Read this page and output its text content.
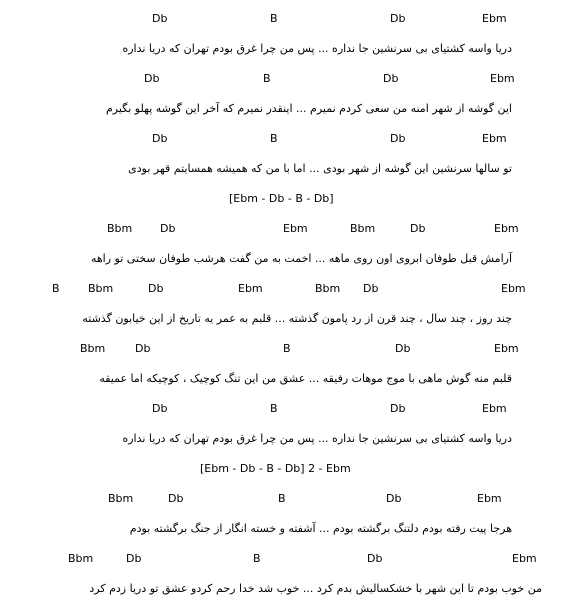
Db	B	Db	Ebm
دریا واسه کشتیای بی سرنشین جا نداره ... پس من چرا غرق بودم تهران که دریا نداره
Db	B	Db	Ebm
این گوشه از شهر امنه من سعی کردم نمیرم ... اینقدر نمیرم که آخر این گوشه پهلو بگیرم
Db	B	Db	Ebm
تو سالها سرنشین این گوشه از شهر بودی ... اما با من که همیشه همسایتم قهر بودی
[Ebm - Db - B - Db]
Bbm	Db	Ebm	Bbm	Db	Ebm
آرامش قبل طوفان ابروی اون روی ماهه ... اخمت به من گفت هرشب طوفان سختی تو راهه
B	Bbm	Db	Ebm	Bbm Db	Ebm
چند روز ، چند سال ، چند قرن از رد پامون گذشته ... قلبم به عمر یه تاریخ از این خیابون گذشته
Bbm	Db	B	Db	Ebm
قلبم منه گوش ماهی با موج موهات رفیقه ... عشق من این تنگ کوچیک ، کوچیکه اما عمیقه
Db	B	Db	Ebm
دریا واسه کشتیای بی سرنشین جا نداره ... پس من چرا غرق بودم تهران که دریا نداره
[Ebm - Db - B - Db] 2 - Ebm
Bbm	Db	B	Db	Ebm
هرجا پیت رفته بودم دلتنگ برگشته بودم ... آشفته و خسته انگار از جنگ برگشته بودم
Bbm	Db	B	Db	Ebm
من خوب بودم تا این شهر با خشکسالیش بدم کرد ... خوب شد خدا رحم کردو عشق تو دریا زدم کرد
